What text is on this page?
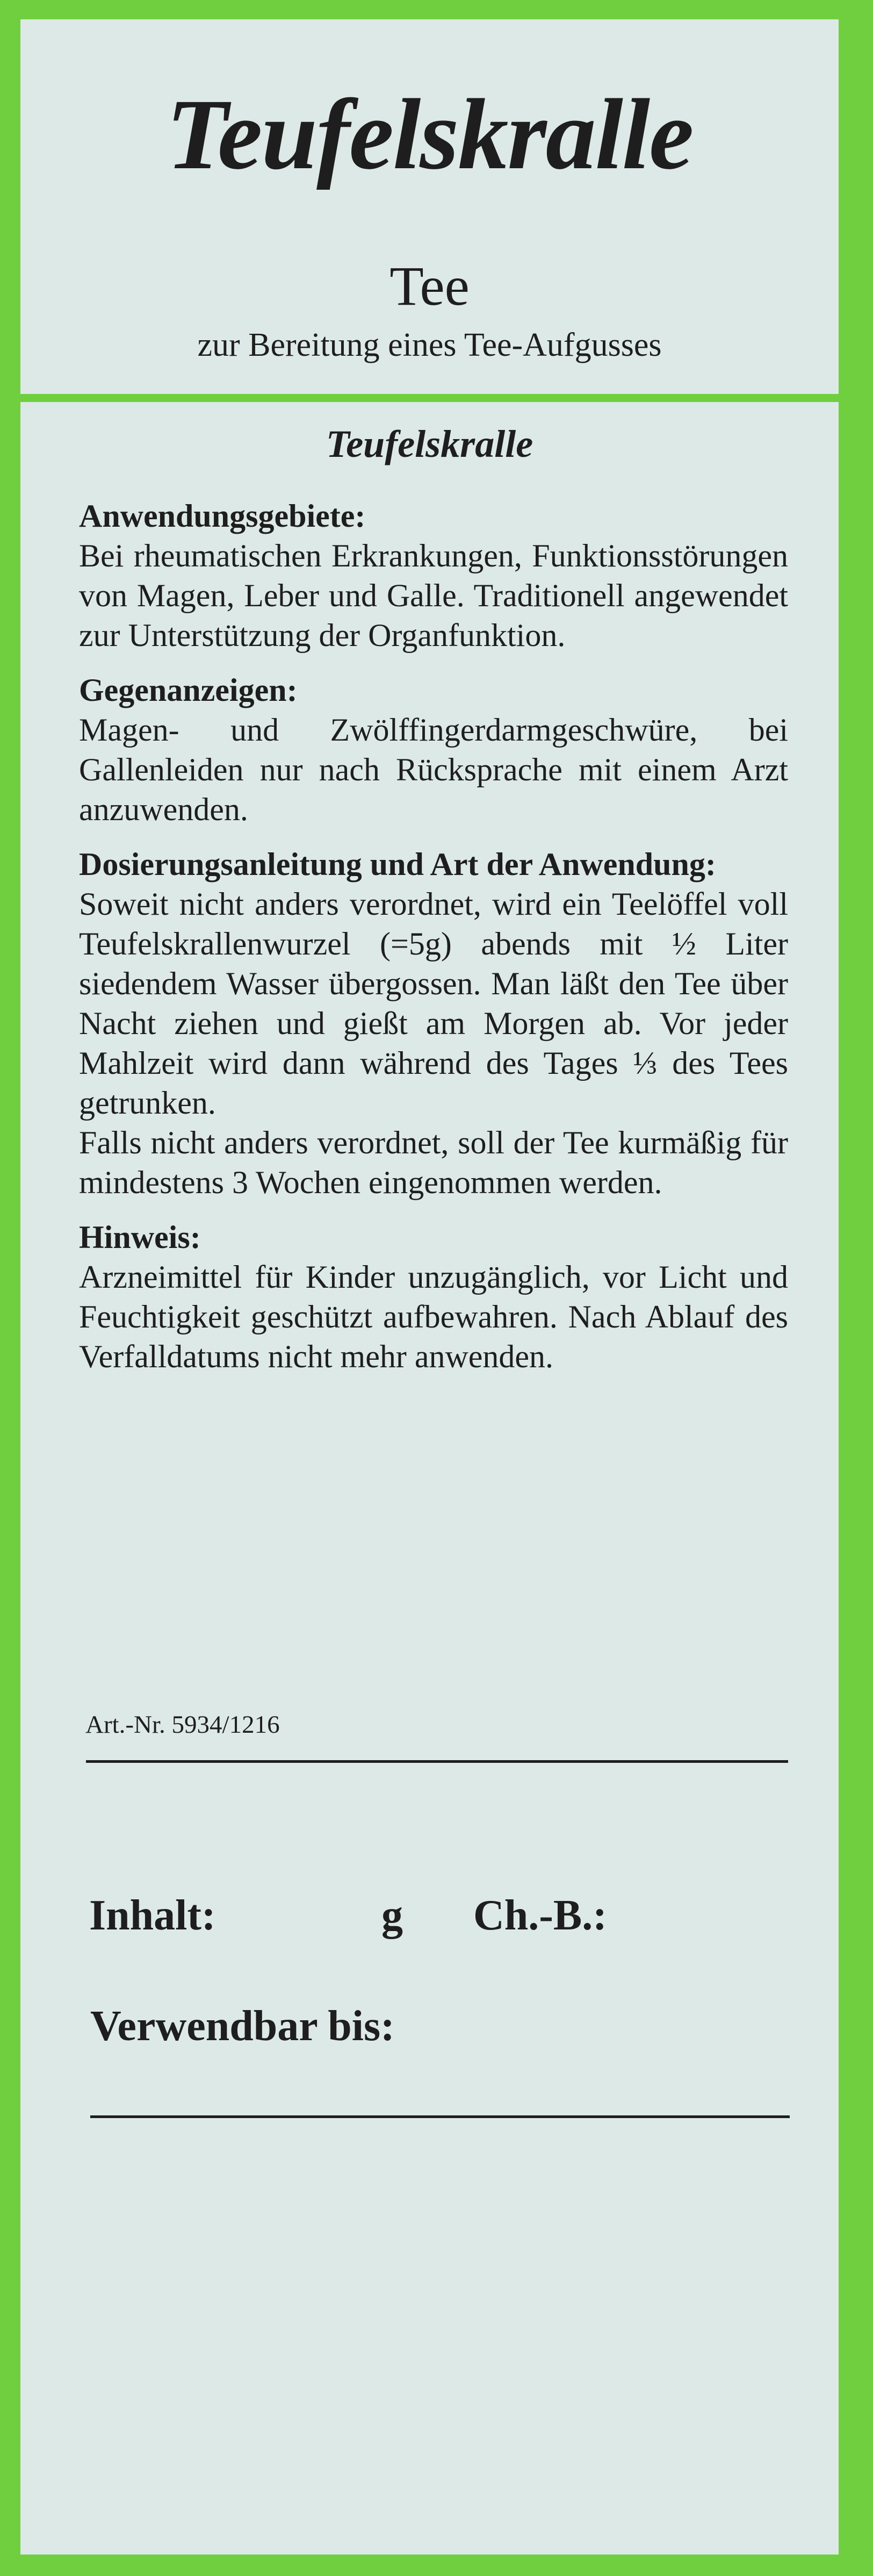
Teufelskralle
Tee
zur Bereitung eines Tee-Aufgusses
Teufelskralle
Anwendungsgebiete:
Bei rheumatischen Erkrankungen, Funktionsstörungen von Magen, Leber und Galle. Traditionell angewendet zur Unterstützung der Organfunktion.
Gegenanzeigen:
Magen- und Zwölffingerdarmgeschwüre, bei Gallenleiden nur nach Rücksprache mit einem Arzt anzuwenden.
Dosierungsanleitung und Art der Anwendung:
Soweit nicht anders verordnet, wird ein Teelöffel voll Teufelskrallenwurzel (=5g) abends mit ½ Liter siedendem Wasser übergossen. Man läßt den Tee über Nacht ziehen und gießt am Morgen ab. Vor jeder Mahlzeit wird dann während des Tages ⅓ des Tees getrunken.
Falls nicht anders verordnet, soll der Tee kurmäßig für mindestens 3 Wochen eingenommen werden.
Hinweis:
Arzneimittel für Kinder unzugänglich, vor Licht und Feuchtigkeit geschützt aufbewahren. Nach Ablauf des Verfalldatums nicht mehr anwenden.
Art.-Nr. 5934/1216
Inhalt:	g Ch.-B.:
Verwendbar bis:
